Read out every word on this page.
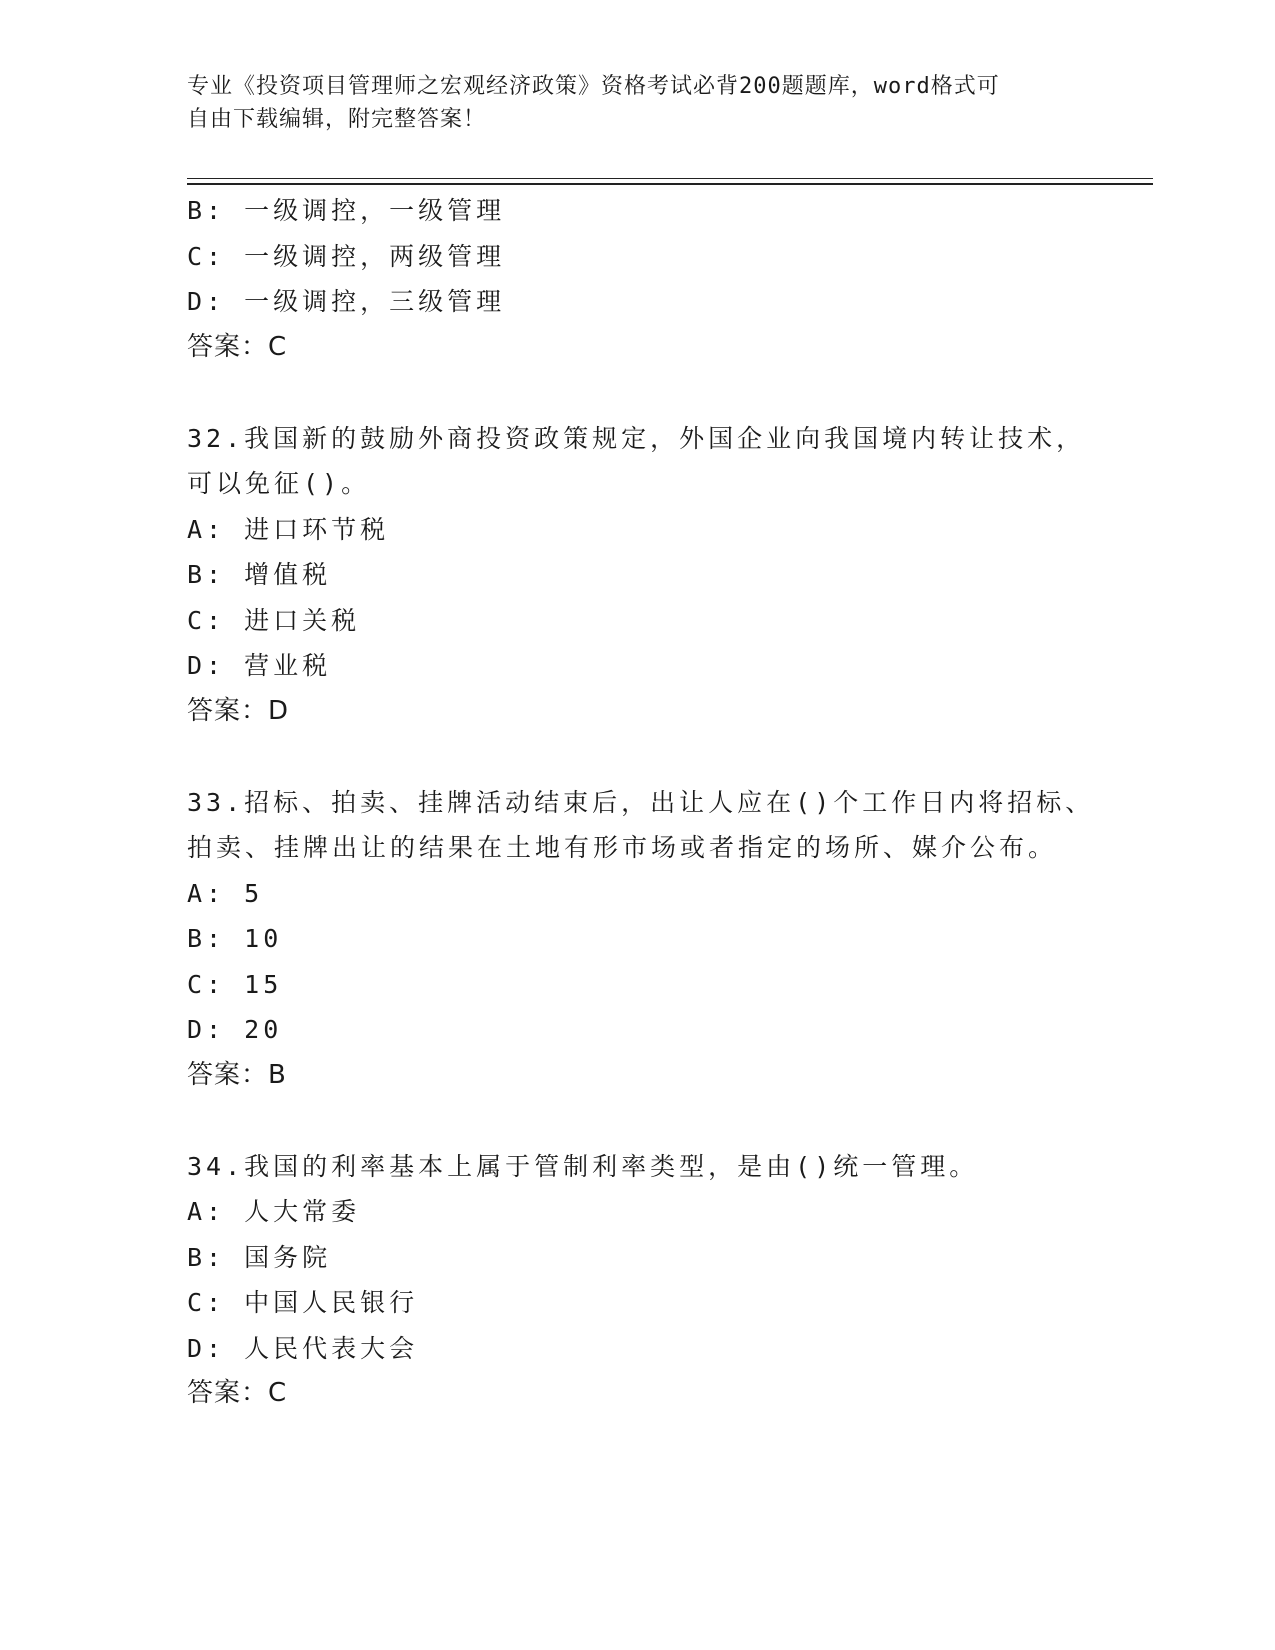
专业《投资项目管理师之宏观经济政策》资格考试必背200题题库，word格式可
自由下载编辑，附完整答案！
B: 一级调控，一级管理
C: 一级调控，两级管理
D: 一级调控，三级管理
答案：C
32.我国新的鼓励外商投资政策规定，外国企业向我国境内转让技术，
可以免征()。
A: 进口环节税
B: 增值税
C: 进口关税
D: 营业税
答案：D
33.招标、拍卖、挂牌活动结束后，出让人应在()个工作日内将招标、
拍卖、挂牌出让的结果在土地有形市场或者指定的场所、媒介公布。
A: 5
B: 10
C: 15
D: 20
答案：B
34.我国的利率基本上属于管制利率类型，是由()统一管理。
A: 人大常委
B: 国务院
C: 中国人民银行
D: 人民代表大会
答案：C
